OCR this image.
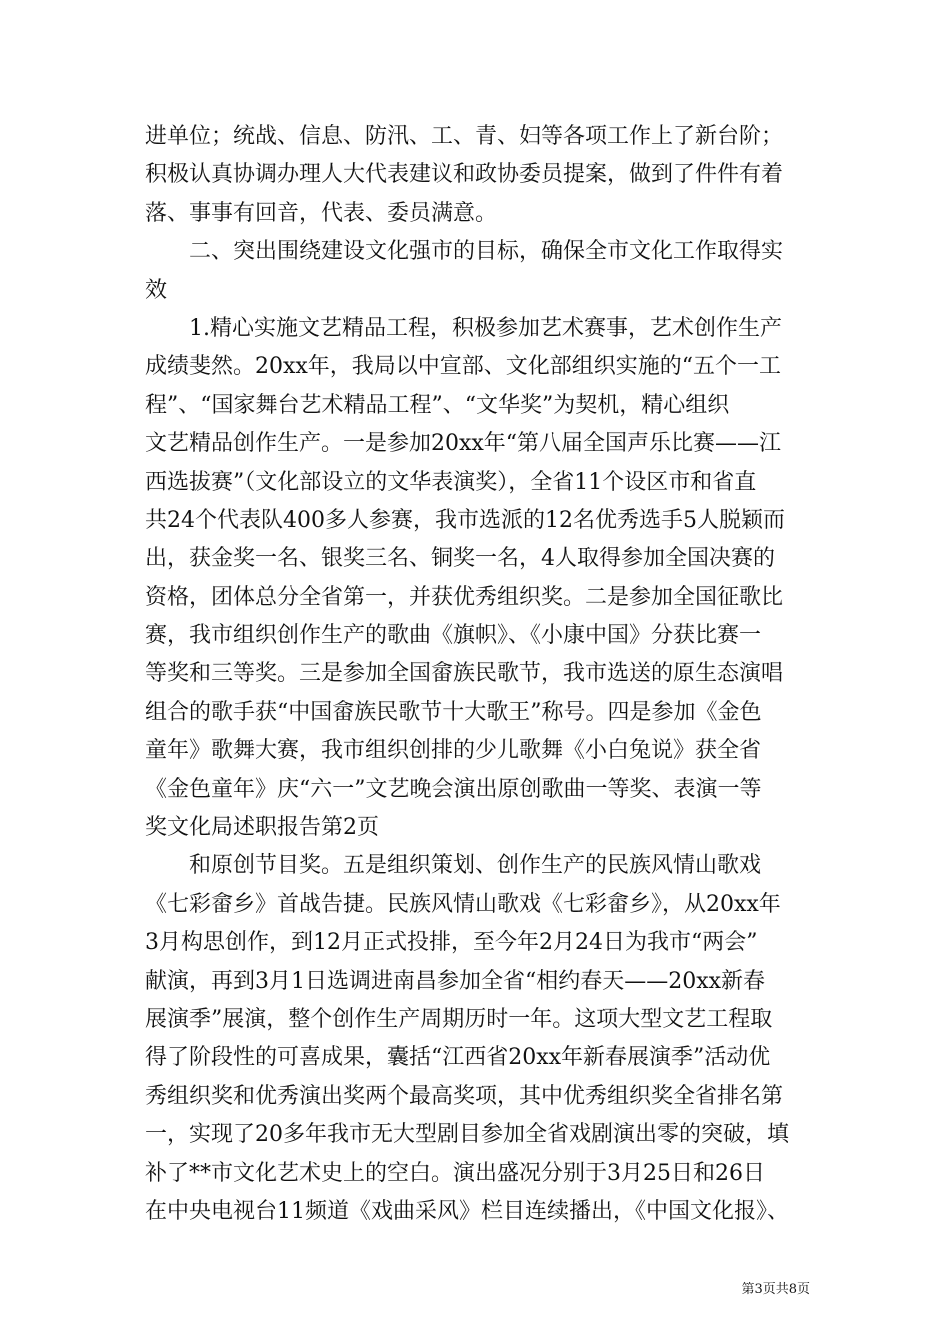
进单位；统战、信息、防汛、工、青、妇等各项工作上了新台阶；
积极认真协调办理人大代表建议和政协委员提案，做到了件件有着
落、事事有回音，代表、委员满意。
　　二、突出围绕建设文化强市的目标，确保全市文化工作取得实
效
　　1.精心实施文艺精品工程，积极参加艺术赛事，艺术创作生产
成绩斐然。20xx年，我局以中宣部、文化部组织实施的“五个一工
程”、“国家舞台艺术精品工程”、“文华奖”为契机，精心组织
文艺精品创作生产。一是参加20xx年“第八届全国声乐比赛——江
西选拔赛”（文化部设立的文华表演奖），全省11个设区市和省直
共24个代表队400多人参赛，我市选派的12名优秀选手5人脱颖而
出，获金奖一名、银奖三名、铜奖一名，4人取得参加全国决赛的
资格，团体总分全省第一，并获优秀组织奖。二是参加全国征歌比
赛，我市组织创作生产的歌曲《旗帜》、《小康中国》分获比赛一
等奖和三等奖。三是参加全国畲族民歌节，我市选送的原生态演唱
组合的歌手获“中国畲族民歌节十大歌王”称号。四是参加《金色
童年》歌舞大赛，我市组织创排的少儿歌舞《小白兔说》获全省
《金色童年》庆“六一”文艺晚会演出原创歌曲一等奖、表演一等
奖文化局述职报告第2页
　　和原创节目奖。五是组织策划、创作生产的民族风情山歌戏
《七彩畲乡》首战告捷。民族风情山歌戏《七彩畲乡》，从20xx年
3月构思创作，到12月正式投排，至今年2月24日为我市“两会”
献演，再到3月1日选调进南昌参加全省“相约春天——20xx新春
展演季”展演，整个创作生产周期历时一年。这项大型文艺工程取
得了阶段性的可喜成果，囊括“江西省20xx年新春展演季”活动优
秀组织奖和优秀演出奖两个最高奖项，其中优秀组织奖全省排名第
一，实现了20多年我市无大型剧目参加全省戏剧演出零的突破，填
补了**市文化艺术史上的空白。演出盛况分别于3月25日和26日
在中央电视台11频道《戏曲采风》栏目连续播出，《中国文化报》、
第3页共8页
